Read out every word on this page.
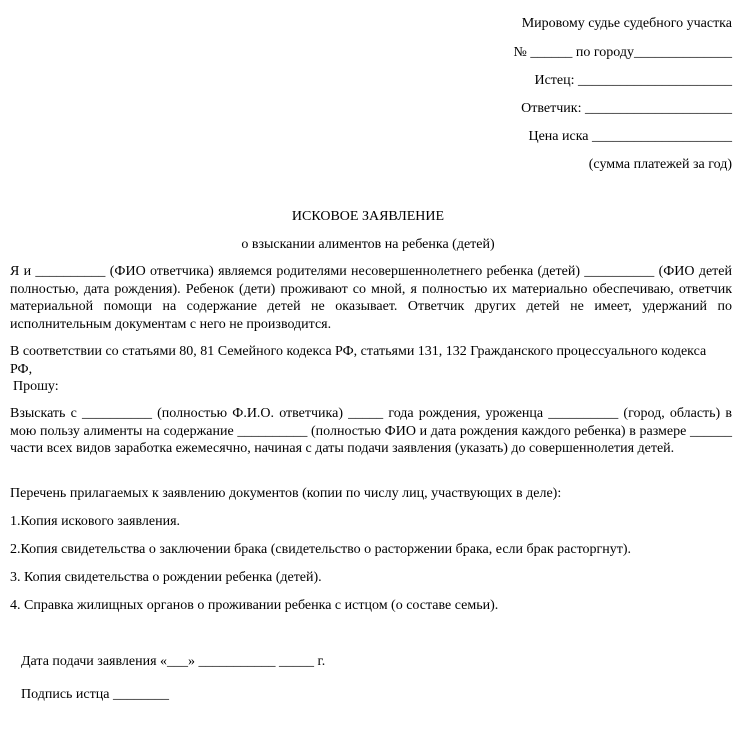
Мировому судье судебного участка
№ ______ по городу______________
Истец: ______________________
Ответчик: _____________________
Цена иска ____________________
(сумма платежей за год)
ИСКОВОЕ ЗАЯВЛЕНИЕ
о взыскании алиментов на ребенка (детей)
Я и __________ (ФИО ответчика) являемся родителями несовершеннолетнего ребенка (детей) __________ (ФИО детей полностью, дата рождения). Ребенок (дети) проживают со мной, я полностью их материально обеспечиваю, ответчик материальной помощи на содержание детей не оказывает. Ответчик других детей не имеет, удержаний по исполнительным документам с него не производится.
В соответствии со статьями 80, 81 Семейного кодекса РФ, статьями 131, 132 Гражданского процессуального кодекса РФ,
Прошу:
Взыскать с __________ (полностью Ф.И.О. ответчика) _____ года рождения, уроженца __________ (город, область) в мою пользу алименты на содержание __________ (полностью ФИО и дата рождения каждого ребенка) в размере ______ части всех видов заработка ежемесячно, начиная с даты подачи заявления (указать) до совершеннолетия детей.
Перечень прилагаемых к заявлению документов (копии по числу лиц, участвующих в деле):
1.Копия искового заявления.
2.Копия свидетельства о заключении брака (свидетельство о расторжении брака, если брак расторгнут).
3. Копия свидетельства о рождении ребенка (детей).
4. Справка жилищных органов о проживании ребенка с истцом (о составе семьи).
Дата подачи заявления «___» ___________ _____ г.
Подпись истца ________
